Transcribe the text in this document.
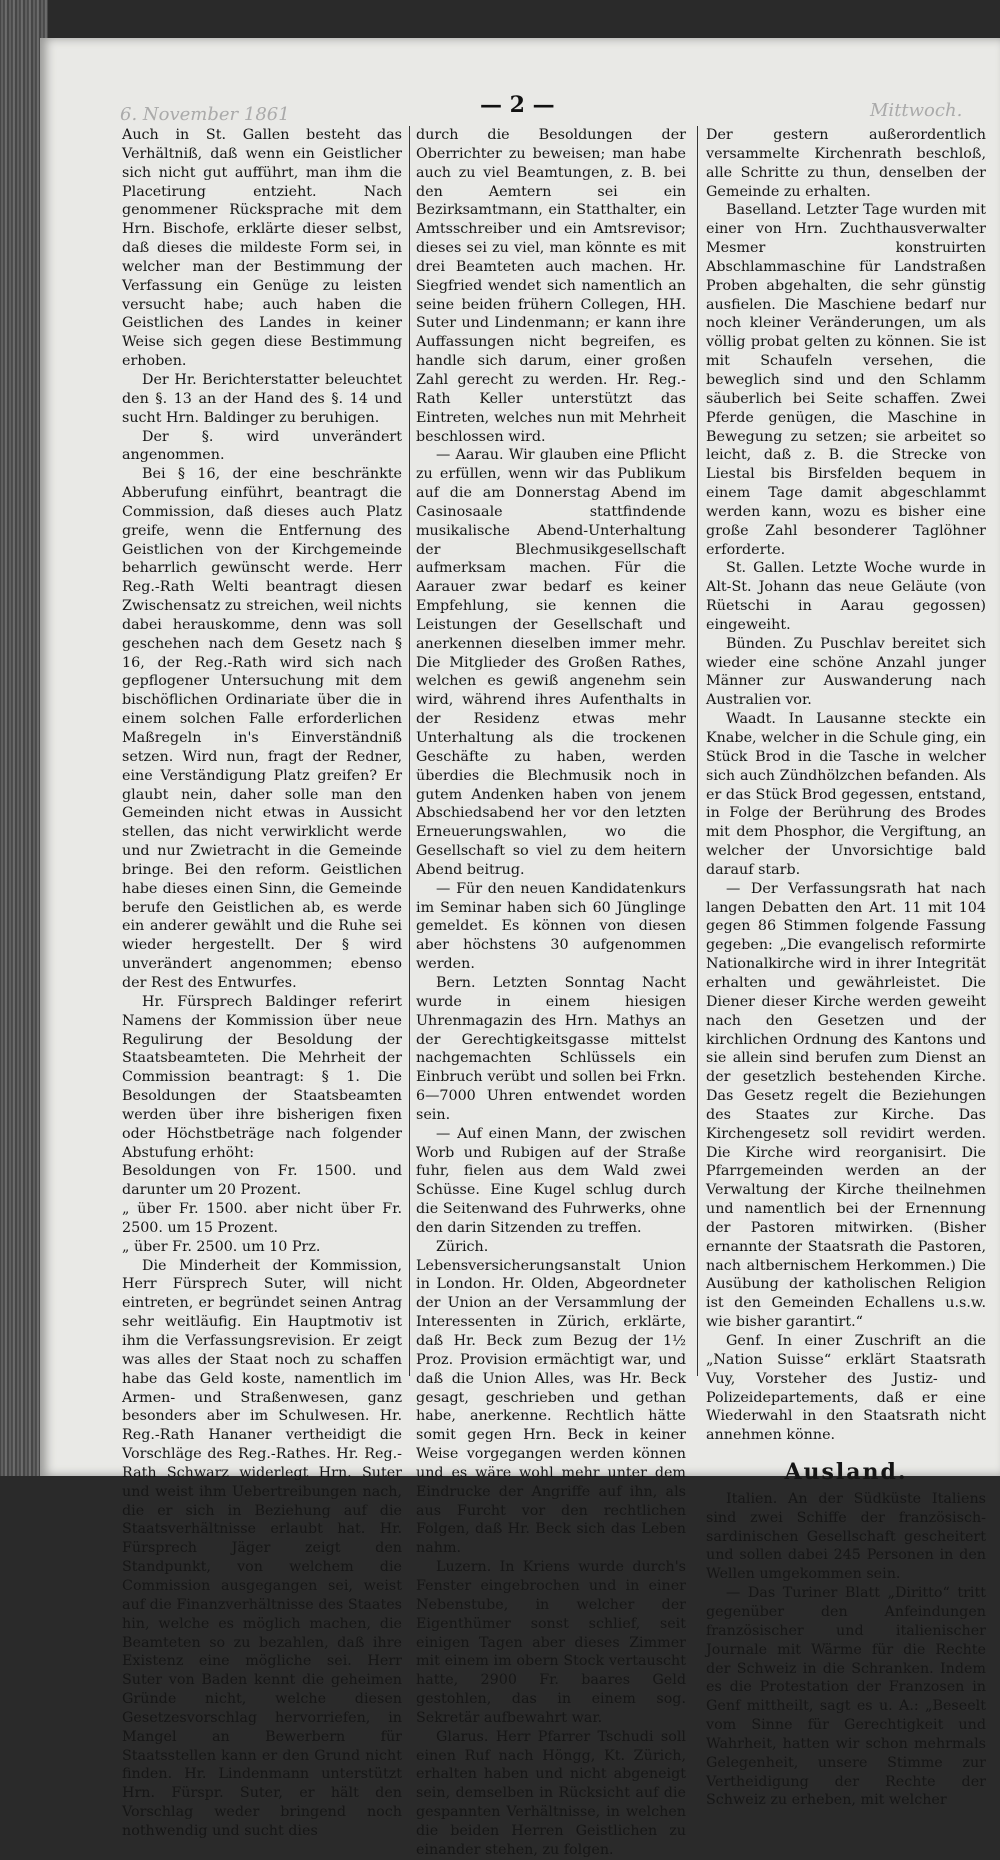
6. November 1861	— 2 —	Mittwoch.

Auch in St. Gallen besteht das Verhältniß, daß wenn ein Geistlicher sich nicht gut aufführt, man ihm die Placetirung entzieht. Nach genommener Rücksprache mit dem Hrn. Bischofe, erklärte dieser selbst, daß dieses die mildeste Form sei, in welcher man der Bestimmung der Verfassung ein Genüge zu leisten versucht habe; auch haben die Geistlichen des Landes in keiner Weise sich gegen diese Bestimmung erhoben.

Der Hr. Berichterstatter beleuchtet den §. 13 an der Hand des §. 14 und sucht Hrn. Baldinger zu beruhigen.

Der §. wird unverändert angenommen.

Bei § 16, der eine beschränkte Abberufung einführt, beantragt die Commission, daß dieses auch Platz greife, wenn die Entfernung des Geistlichen von der Kirchgemeinde beharrlich gewünscht werde. Herr Reg.-Rath Welti beantragt diesen Zwischensatz zu streichen, weil nichts dabei herauskomme, denn was soll geschehen nach dem Gesetz nach § 16, der Reg.-Rath wird sich nach gepflogener Untersuchung mit dem bischöflichen Ordinariate über die in einem solchen Falle erforderlichen Maßregeln in's Einverständniß setzen. Wird nun, fragt der Redner, eine Verständigung Platz greifen? Er glaubt nein, daher solle man den Gemeinden nicht etwas in Aussicht stellen, das nicht verwirklicht werde und nur Zwietracht in die Gemeinde bringe. Bei den reform. Geistlichen habe dieses einen Sinn, die Gemeinde berufe den Geistlichen ab, es werde ein anderer gewählt und die Ruhe sei wieder hergestellt. Der § wird unverändert angenommen; ebenso der Rest des Entwurfes.

Hr. Fürsprech Baldinger referirt Namens der Kommission über neue Regulirung der Besoldung der Staatsbeamteten. Die Mehrheit der Commission beantragt: § 1. Die Besoldungen der Staatsbeamten werden über ihre bisherigen fixen oder Höchstbeträge nach folgender Abstufung erhöht:

Besoldungen von Fr. 1500. und darunter um 20 Prozent.

„ über Fr. 1500. aber nicht über Fr. 2500. um 15 Prozent.

„ über Fr. 2500. um 10 Prz.

Die Minderheit der Kommission, Herr Fürsprech Suter, will nicht eintreten, er begründet seinen Antrag sehr weitläufig. Ein Hauptmotiv ist ihm die Verfassungsrevision. Er zeigt was alles der Staat noch zu schaffen habe das Geld koste, namentlich im Armen- und Straßenwesen, ganz besonders aber im Schulwesen. Hr. Reg.-Rath Hananer vertheidigt die Vorschläge des Reg.-Rathes. Hr. Reg.-Rath Schwarz widerlegt Hrn. Suter und weist ihm Uebertreibungen nach, die er sich in Beziehung auf die Staatsverhältnisse erlaubt hat. Hr. Fürsprech Jäger zeigt den Standpunkt, von welchem die Commission ausgegangen sei, weist auf die Finanzverhältnisse des Staates hin, welche es möglich machen, die Beamteten so zu bezahlen, daß ihre Existenz eine mögliche sei. Herr Suter von Baden kennt die geheimen Gründe nicht, welche diesen Gesetzesvorschlag hervorriefen, in Mangel an Bewerbern für Staatsstellen kann er den Grund nicht finden. Hr. Lindenmann unterstützt Hrn. Fürspr. Suter, er hält den Vorschlag weder bringend noch nothwendig und sucht dies

durch die Besoldungen der Oberrichter zu beweisen; man habe auch zu viel Beamtungen, z. B. bei den Aemtern sei ein Bezirksamtmann, ein Statthalter, ein Amtsschreiber und ein Amtsrevisor; dieses sei zu viel, man könnte es mit drei Beamteten auch machen. Hr. Siegfried wendet sich namentlich an seine beiden frühern Collegen, HH. Suter und Lindenmann; er kann ihre Auffassungen nicht begreifen, es handle sich darum, einer großen Zahl gerecht zu werden. Hr. Reg.-Rath Keller unterstützt das Eintreten, welches nun mit Mehrheit beschlossen wird.

— Aarau. Wir glauben eine Pflicht zu erfüllen, wenn wir das Publikum auf die am Donnerstag Abend im Casinosaale stattfindende musikalische Abend-Unterhaltung der Blechmusikgesellschaft aufmerksam machen. Für die Aarauer zwar bedarf es keiner Empfehlung, sie kennen die Leistungen der Gesellschaft und anerkennen dieselben immer mehr. Die Mitglieder des Großen Rathes, welchen es gewiß angenehm sein wird, während ihres Aufenthalts in der Residenz etwas mehr Unterhaltung als die trockenen Geschäfte zu haben, werden überdies die Blechmusik noch in gutem Andenken haben von jenem Abschiedsabend her vor den letzten Erneuerungswahlen, wo die Gesellschaft so viel zu dem heitern Abend beitrug.

— Für den neuen Kandidatenkurs im Seminar haben sich 60 Jünglinge gemeldet. Es können von diesen aber höchstens 30 aufgenommen werden.

Bern. Letzten Sonntag Nacht wurde in einem hiesigen Uhrenmagazin des Hrn. Mathys an der Gerechtigkeitsgasse mittelst nachgemachten Schlüssels ein Einbruch verübt und sollen bei Frkn. 6—7000 Uhren entwendet worden sein.

— Auf einen Mann, der zwischen Worb und Rubigen auf der Straße fuhr, fielen aus dem Wald zwei Schüsse. Eine Kugel schlug durch die Seitenwand des Fuhrwerks, ohne den darin Sitzenden zu treffen.

Zürich. Lebensversicherungsanstalt Union in London. Hr. Olden, Abgeordneter der Union an der Versammlung der Interessenten in Zürich, erklärte, daß Hr. Beck zum Bezug der 1½ Proz. Provision ermächtigt war, und daß die Union Alles, was Hr. Beck gesagt, geschrieben und gethan habe, anerkenne. Rechtlich hätte somit gegen Hrn. Beck in keiner Weise vorgegangen werden können und es wäre wohl mehr unter dem Eindrucke der Angriffe auf ihn, als aus Furcht vor den rechtlichen Folgen, daß Hr. Beck sich das Leben nahm.

Luzern. In Kriens wurde durch's Fenster eingebrochen und in einer Nebenstube, in welcher der Eigenthümer sonst schlief, seit einigen Tagen aber dieses Zimmer mit einem im obern Stock vertauscht hatte, 2900 Fr. baares Geld gestohlen, das in einem sog. Sekretär aufbewahrt war.

Glarus. Herr Pfarrer Tschudi soll einen Ruf nach Höngg, Kt. Zürich, erhalten haben und nicht abgeneigt sein, demselben in Rücksicht auf die gespannten Verhältnisse, in welchen die beiden Herren Geistlichen zu einander stehen, zu folgen.

Der gestern außerordentlich versammelte Kirchenrath beschloß, alle Schritte zu thun, denselben der Gemeinde zu erhalten.

Baselland. Letzter Tage wurden mit einer von Hrn. Zuchthausverwalter Mesmer konstruirten Abschlammaschine für Landstraßen Proben abgehalten, die sehr günstig ausfielen. Die Maschiene bedarf nur noch kleiner Veränderungen, um als völlig probat gelten zu können. Sie ist mit Schaufeln versehen, die beweglich sind und den Schlamm säuberlich bei Seite schaffen. Zwei Pferde genügen, die Maschine in Bewegung zu setzen; sie arbeitet so leicht, daß z. B. die Strecke von Liestal bis Birsfelden bequem in einem Tage damit abgeschlammt werden kann, wozu es bisher eine große Zahl besonderer Taglöhner erforderte.

St. Gallen. Letzte Woche wurde in Alt-St. Johann das neue Geläute (von Rüetschi in Aarau gegossen) eingeweiht.

Bünden. Zu Puschlav bereitet sich wieder eine schöne Anzahl junger Männer zur Auswanderung nach Australien vor.

Waadt. In Lausanne steckte ein Knabe, welcher in die Schule ging, ein Stück Brod in die Tasche in welcher sich auch Zündhölzchen befanden. Als er das Stück Brod gegessen, entstand, in Folge der Berührung des Brodes mit dem Phosphor, die Vergiftung, an welcher der Unvorsichtige bald darauf starb.

— Der Verfassungsrath hat nach langen Debatten den Art. 11 mit 104 gegen 86 Stimmen folgende Fassung gegeben: „Die evangelisch reformirte Nationalkirche wird in ihrer Integrität erhalten und gewährleistet. Die Diener dieser Kirche werden geweiht nach den Gesetzen und der kirchlichen Ordnung des Kantons und sie allein sind berufen zum Dienst an der gesetzlich bestehenden Kirche. Das Gesetz regelt die Beziehungen des Staates zur Kirche. Das Kirchengesetz soll revidirt werden. Die Kirche wird reorganisirt. Die Pfarrgemeinden werden an der Verwaltung der Kirche theilnehmen und namentlich bei der Ernennung der Pastoren mitwirken. (Bisher ernannte der Staatsrath die Pastoren, nach altbernischem Herkommen.) Die Ausübung der katholischen Religion ist den Gemeinden Echallens u.s.w. wie bisher garantirt.“

Genf. In einer Zuschrift an die „Nation Suisse“ erklärt Staatsrath Vuy, Vorsteher des Justiz- und Polizeidepartements, daß er eine Wiederwahl in den Staatsrath nicht annehmen könne.

Ausland.

Italien. An der Südküste Italiens sind zwei Schiffe der französisch-sardinischen Gesellschaft gescheitert und sollen dabei 245 Personen in den Wellen umgekommen sein.

— Das Turiner Blatt „Diritto“ tritt gegenüber den Anfeindungen französischer und italienischer Journale mit Wärme für die Rechte der Schweiz in die Schranken. Indem es die Protestation der Franzosen in Genf mittheilt, sagt es u. A.: „Beseelt vom Sinne für Gerechtigkeit und Wahrheit, hatten wir schon mehrmals Gelegenheit, unsere Stimme zur Vertheidigung der Rechte der Schweiz zu erheben, mit welcher
